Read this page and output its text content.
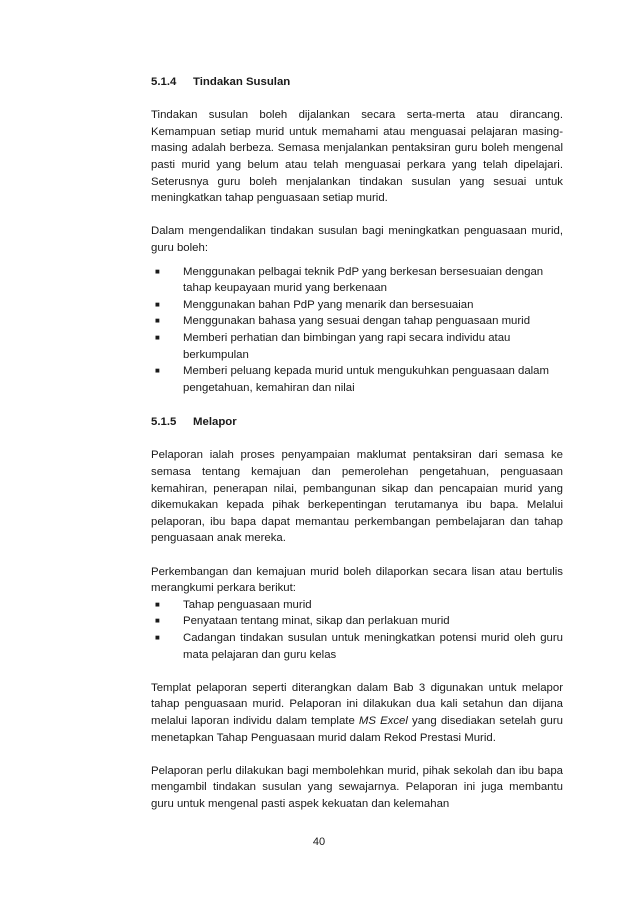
5.1.4	Tindakan Susulan

Tindakan susulan boleh dijalankan secara serta-merta atau dirancang. Kemampuan setiap murid untuk memahami atau menguasai pelajaran masing-masing adalah berbeza. Semasa menjalankan pentaksiran guru boleh mengenal pasti murid yang belum atau telah menguasai perkara yang telah dipelajari. Seterusnya guru boleh menjalankan tindakan susulan yang sesuai untuk meningkatkan tahap penguasaan setiap murid.

Dalam mengendalikan tindakan susulan bagi meningkatkan penguasaan murid, guru boleh:

■	Menggunakan pelbagai teknik PdP yang berkesan bersesuaian dengan tahap keupayaan murid yang berkenaan
■	Menggunakan bahan PdP yang menarik dan bersesuaian
■	Menggunakan bahasa yang sesuai dengan tahap penguasaan murid
■	Memberi perhatian dan bimbingan yang rapi secara individu atau berkumpulan
■	Memberi peluang kepada murid untuk mengukuhkan penguasaan dalam pengetahuan, kemahiran dan nilai
5.1.5	Melapor

Pelaporan ialah proses penyampaian maklumat pentaksiran dari semasa ke semasa tentang kemajuan dan pemerolehan pengetahuan, penguasaan kemahiran, penerapan nilai, pembangunan sikap dan pencapaian murid yang dikemukakan kepada pihak berkepentingan terutamanya ibu bapa. Melalui pelaporan, ibu bapa dapat memantau perkembangan pembelajaran dan tahap penguasaan anak mereka.

Perkembangan dan kemajuan murid boleh dilaporkan secara lisan atau bertulis merangkumi perkara berikut:

■	Tahap penguasaan murid
■	Penyataan tentang minat, sikap dan perlakuan murid
■	Cadangan tindakan susulan untuk meningkatkan potensi murid oleh guru mata pelajaran dan guru kelas

Templat pelaporan seperti diterangkan dalam Bab 3 digunakan untuk melapor tahap penguasaan murid. Pelaporan ini dilakukan dua kali setahun dan dijana melalui laporan individu dalam template MS Excel yang disediakan setelah guru menetapkan Tahap Penguasaan murid dalam Rekod Prestasi Murid.

Pelaporan perlu dilakukan bagi membolehkan murid, pihak sekolah dan ibu bapa mengambil tindakan susulan yang sewajarnya. Pelaporan ini juga membantu guru untuk mengenal pasti aspek kekuatan dan kelemahan

40
